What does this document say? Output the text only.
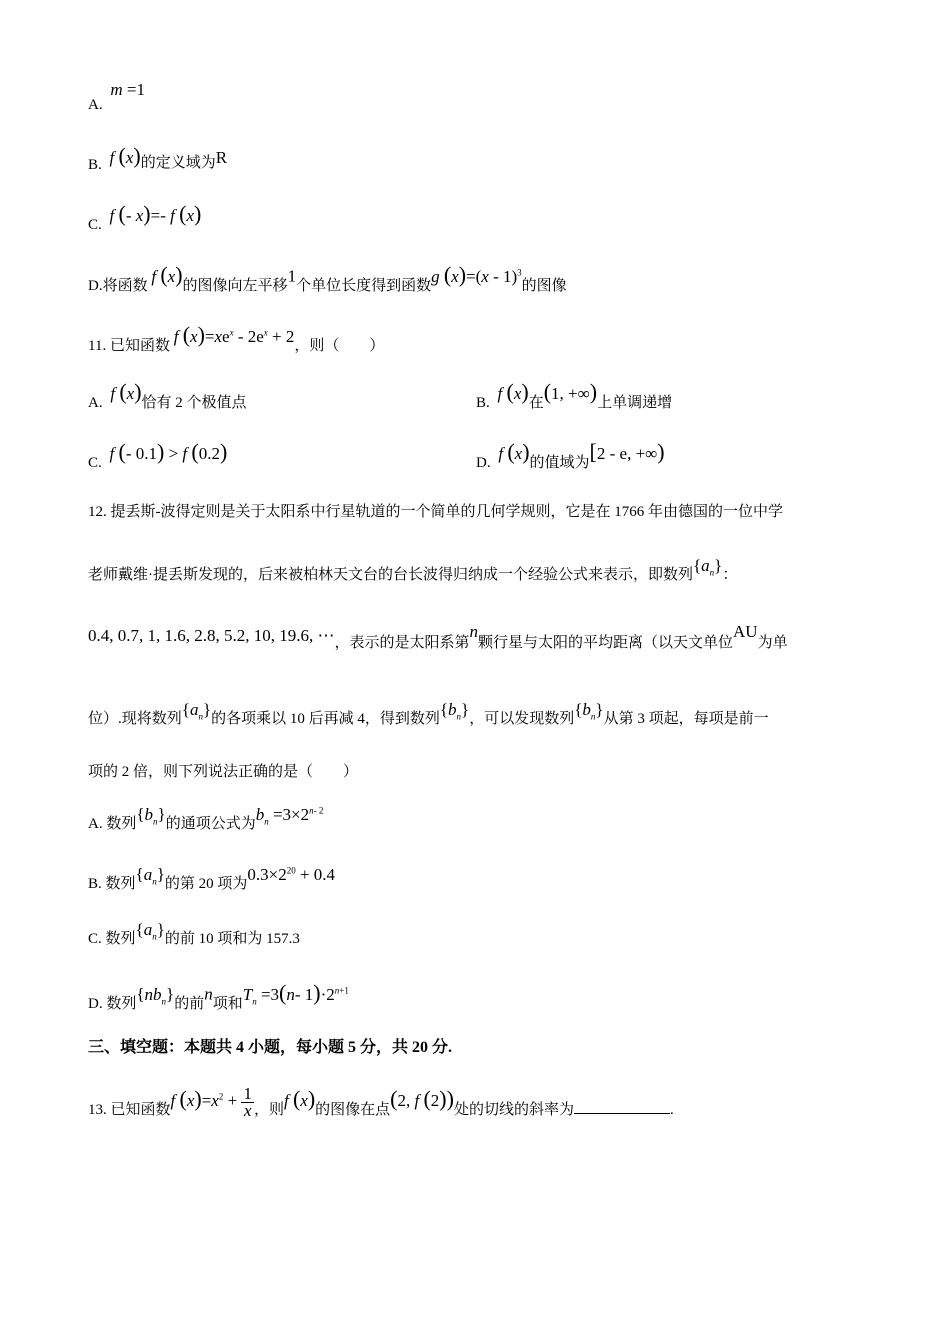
A. m =1
B. f (x)的定义域为R
C. f (- x)=- f (x)
D.将函数 f (x)的图像向左平移1个单位长度得到函数g (x)=(x - 1)$^3$的图像
11. 已知函数 f $(x)=xe^x - 2e^x + 2$，则（　　）
A. f (x)恰有 2 个极值点	B. f (x)在(1, +∞)上单调递增
C. f (- 0.1) > f (0.2)	D. f (x)的值域为[2 - e, +∞)
12. 提丢斯-波得定则是关于太阳系中行星轨道的一个简单的几何学规则，它是在 1766 年由德国的一位中学
老师戴维·提丢斯发现的，后来被柏林天文台的台长波得归纳成一个经验公式来表示，即数列$\{a_n\}$：
0.4, 0.7, 1, 1.6, 2.8, 5.2, 10, 19.6, ⋯，表示的是太阳系第n颗行星与太阳的平均距离（以天文单位AU为单
位）.现将数列$\{a_n\}$的各项乘以 10 后再减 4，得到数列$\{b_n\}$，可以发现数列$\{b_n\}$从第 3 项起，每项是前一
项的 2 倍，则下列说法正确的是（　　）
A. 数列$\{b_n\}$的通项公式为$b_n =3\times 2^{n- 2}$
B. 数列$\{a_n\}$的第 20 项为$0.3\times 2^{20} + 0.4$
C. 数列$\{a_n\}$的前 10 项和为 157.3
D. 数列$\{nb_n\}$的前n项和$T_n =3(n-$ $1)\cdot 2^{n+1}$
三、填空题：本题共 4 小题，每小题 5 分，共 20 分.
13. 已知函数f $(x)=x^2 + \frac{1}{x}$ ，则f (x)的图像在点(2, f (2))处的切线的斜率为	.
